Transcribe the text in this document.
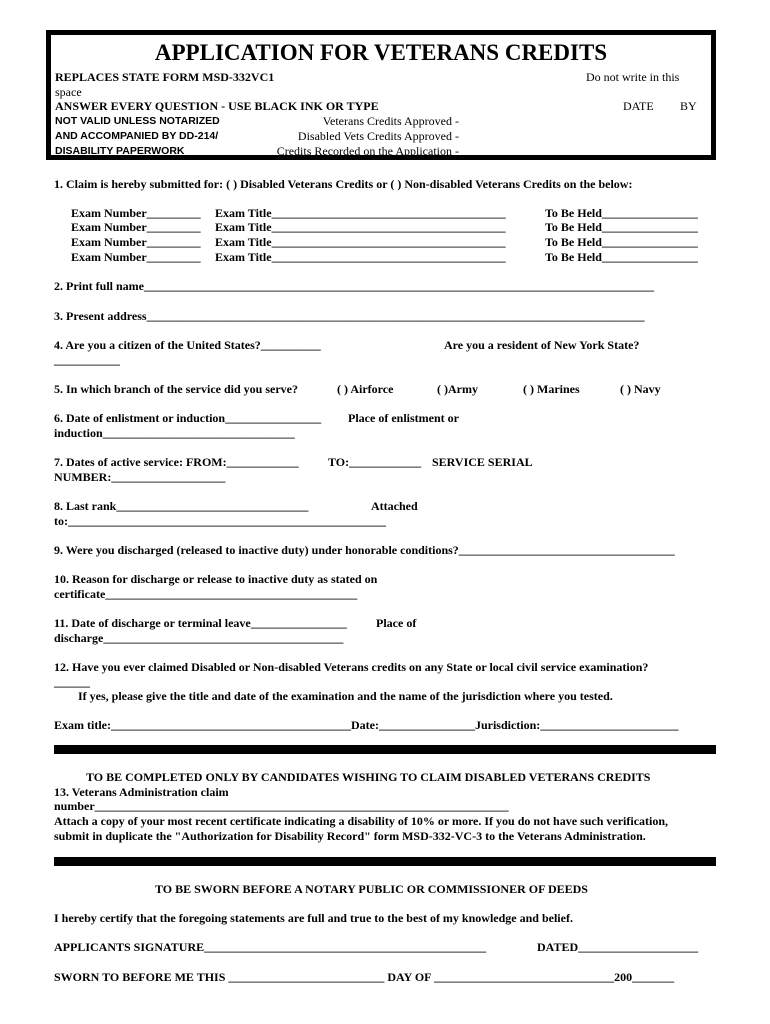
APPLICATION FOR VETERANS CREDITS
REPLACES STATE FORM MSD-332VC1	Do not write in this
space
ANSWER EVERY QUESTION - USE BLACK INK OR TYPE	DATE BY
NOT VALID UNLESS NOTARIZED
AND ACCOMPANIED BY DD-214/
DISABILITY PAPERWORK
Veterans Credits Approved -
Disabled Vets Credits Approved -
Credits Recorded on the Application -
1. Claim is hereby submitted for: ( ) Disabled Veterans Credits or ( ) Non-disabled Veterans Credits on the below:
Exam Number_________ Exam Title_______________________________________	To Be Held________________
Exam Number_________ Exam Title_______________________________________	To Be Held________________
Exam Number_________ Exam Title_______________________________________	To Be Held________________
Exam Number_________ Exam Title_______________________________________	To Be Held________________
2. Print full name_____________________________________________________________________________________
3. Present address___________________________________________________________________________________
4. Are you a citizen of the United States?__________	Are you a resident of New York State?
___________
5. In which branch of the service did you serve?	( ) Airforce	( )Army	( ) Marines	( ) Navy
6. Date of enlistment or induction________________ Place of enlistment or
induction________________________________
7. Dates of active service: FROM:____________ TO:____________ SERVICE SERIAL
NUMBER:___________________
8. Last rank________________________________	Attached
to:_____________________________________________________
9. Were you discharged (released to inactive duty) under honorable conditions?____________________________________
10. Reason for discharge or release to inactive duty as stated on
certificate__________________________________________
11. Date of discharge or terminal leave________________ Place of
discharge________________________________________
12. Have you ever claimed Disabled or Non-disabled Veterans credits on any State or local civil service examination?
______
If yes, please give the title and date of the examination and the name of the jurisdiction where you tested.
Exam title:________________________________________Date:________________Jurisdiction:_______________________
TO BE COMPLETED ONLY BY CANDIDATES WISHING TO CLAIM DISABLED VETERANS CREDITS
13. Veterans Administration claim
number_____________________________________________________________________
Attach a copy of your most recent certificate indicating a disability of 10% or more. If you do not have such verification,
submit in duplicate the "Authorization for Disability Record" form MSD-332-VC-3 to the Veterans Administration.
TO BE SWORN BEFORE A NOTARY PUBLIC OR COMMISSIONER OF DEEDS
I hereby certify that the foregoing statements are full and true to the best of my knowledge and belief.
APPLICANTS SIGNATURE_______________________________________________	DATED____________________
SWORN TO BEFORE ME THIS __________________________ DAY OF ______________________________200_______
